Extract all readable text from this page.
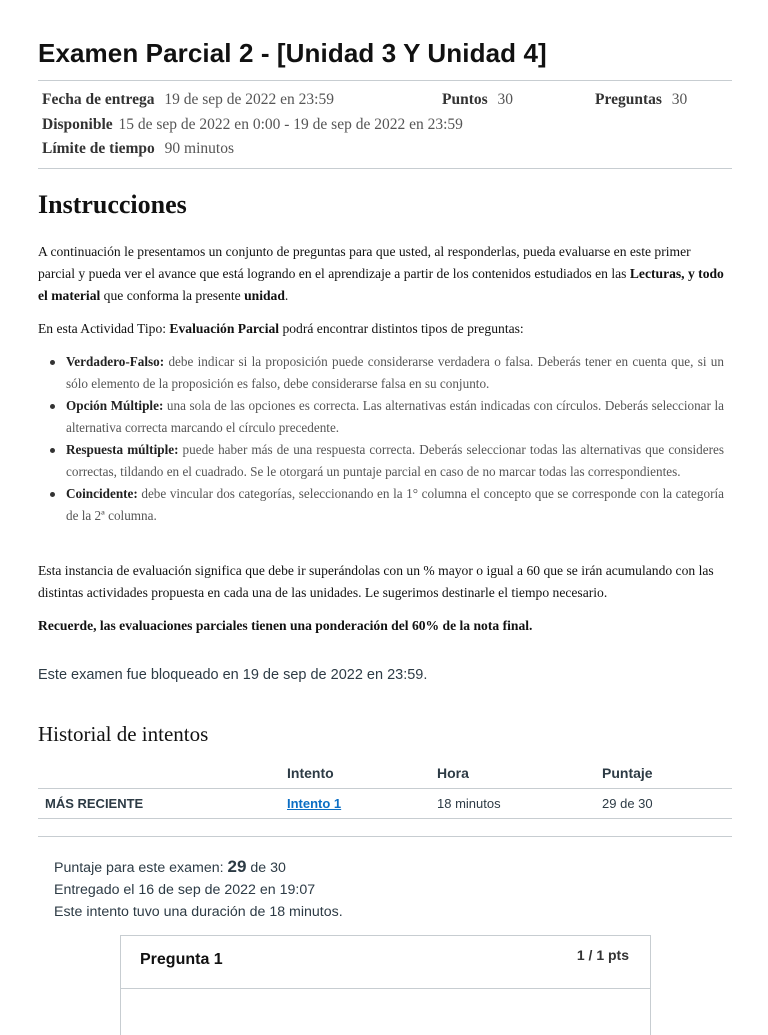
Examen Parcial 2 - [Unidad 3 Y Unidad 4]
Fecha de entrega 19 de sep de 2022 en 23:59	Puntos 30	Preguntas 30
Disponible 15 de sep de 2022 en 0:00 - 19 de sep de 2022 en 23:59
Límite de tiempo 90 minutos
Instrucciones

A continuación le presentamos un conjunto de preguntas para que usted, al responderlas, pueda evaluarse en este primer parcial y pueda ver el avance que está logrando en el aprendizaje a partir de los contenidos estudiados en las Lecturas, y todo el material que conforma la presente unidad.

En esta Actividad Tipo: Evaluación Parcial podrá encontrar distintos tipos de preguntas:

Verdadero-Falso: debe indicar si la proposición puede considerarse verdadera o falsa. Deberás tener en cuenta que, si un sólo elemento de la proposición es falso, debe considerarse falsa en su conjunto.
Opción Múltiple: una sola de las opciones es correcta. Las alternativas están indicadas con círculos. Deberás seleccionar la alternativa correcta marcando el círculo precedente.
Respuesta múltiple: puede haber más de una respuesta correcta. Deberás seleccionar todas las alternativas que consideres correctas, tildando en el cuadrado. Se le otorgará un puntaje parcial en caso de no marcar todas las correspondientes.
Coincidente: debe vincular dos categorías, seleccionando en la 1° columna el concepto que se corresponde con la categoría de la 2ª columna.

Esta instancia de evaluación significa que debe ir superándolas con un % mayor o igual a 60 que se irán acumulando con las distintas actividades propuesta en cada una de las unidades. Le sugerimos destinarle el tiempo necesario.

Recuerde, las evaluaciones parciales tienen una ponderación del 60% de la nota final.

Este examen fue bloqueado en 19 de sep de 2022 en 23:59.
Historial de intentos
	Intento	Hora	Puntaje
MÁS RECIENTE	Intento 1	18 minutos	29 de 30
Puntaje para este examen: 29 de 30
Entregado el 16 de sep de 2022 en 19:07
Este intento tuvo una duración de 18 minutos.
Pregunta 1	1 / 1 pts
